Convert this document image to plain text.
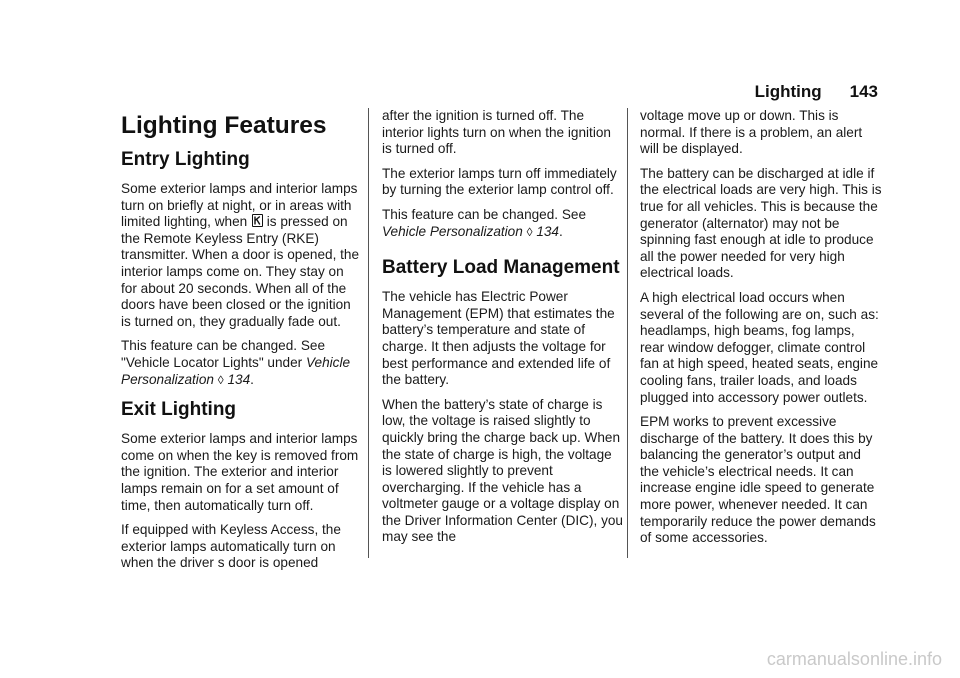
Lighting 143
Lighting Features
Entry Lighting

Some exterior lamps and interior lamps turn on briefly at night, or in areas with limited lighting, when is pressed on the Remote Keyless Entry (RKE) transmitter. When a door is opened, the interior lamps come on. They stay on for about 20 seconds. When all of the doors have been closed or the ignition is turned on, they gradually fade out.

This feature can be changed. See "Vehicle Locator Lights" under Vehicle Personalization ◊ 134.

Exit Lighting

Some exterior lamps and interior lamps come on when the key is removed from the ignition. The exterior and interior lamps remain on for a set amount of time, then automatically turn off.

If equipped with Keyless Access, the exterior lamps automatically turn on when the driver s door is opened

after the ignition is turned off. The interior lights turn on when the ignition is turned off.

The exterior lamps turn off immediately by turning the exterior lamp control off.

This feature can be changed. See Vehicle Personalization ◊ 134.

Battery Load Management

The vehicle has Electric Power Management (EPM) that estimates the battery’s temperature and state of charge. It then adjusts the voltage for best performance and extended life of the battery.

When the battery’s state of charge is low, the voltage is raised slightly to quickly bring the charge back up. When the state of charge is high, the voltage is lowered slightly to prevent overcharging. If the vehicle has a voltmeter gauge or a voltage display on the Driver Information Center (DIC), you may see the

voltage move up or down. This is normal. If there is a problem, an alert will be displayed.

The battery can be discharged at idle if the electrical loads are very high. This is true for all vehicles. This is because the generator (alternator) may not be spinning fast enough at idle to produce all the power needed for very high electrical loads.

A high electrical load occurs when several of the following are on, such as: headlamps, high beams, fog lamps, rear window defogger, climate control fan at high speed, heated seats, engine cooling fans, trailer loads, and loads plugged into accessory power outlets.

EPM works to prevent excessive discharge of the battery. It does this by balancing the generator’s output and the vehicle’s electrical needs. It can increase engine idle speed to generate more power, whenever needed. It can temporarily reduce the power demands of some accessories.

carmanualsonline.info
